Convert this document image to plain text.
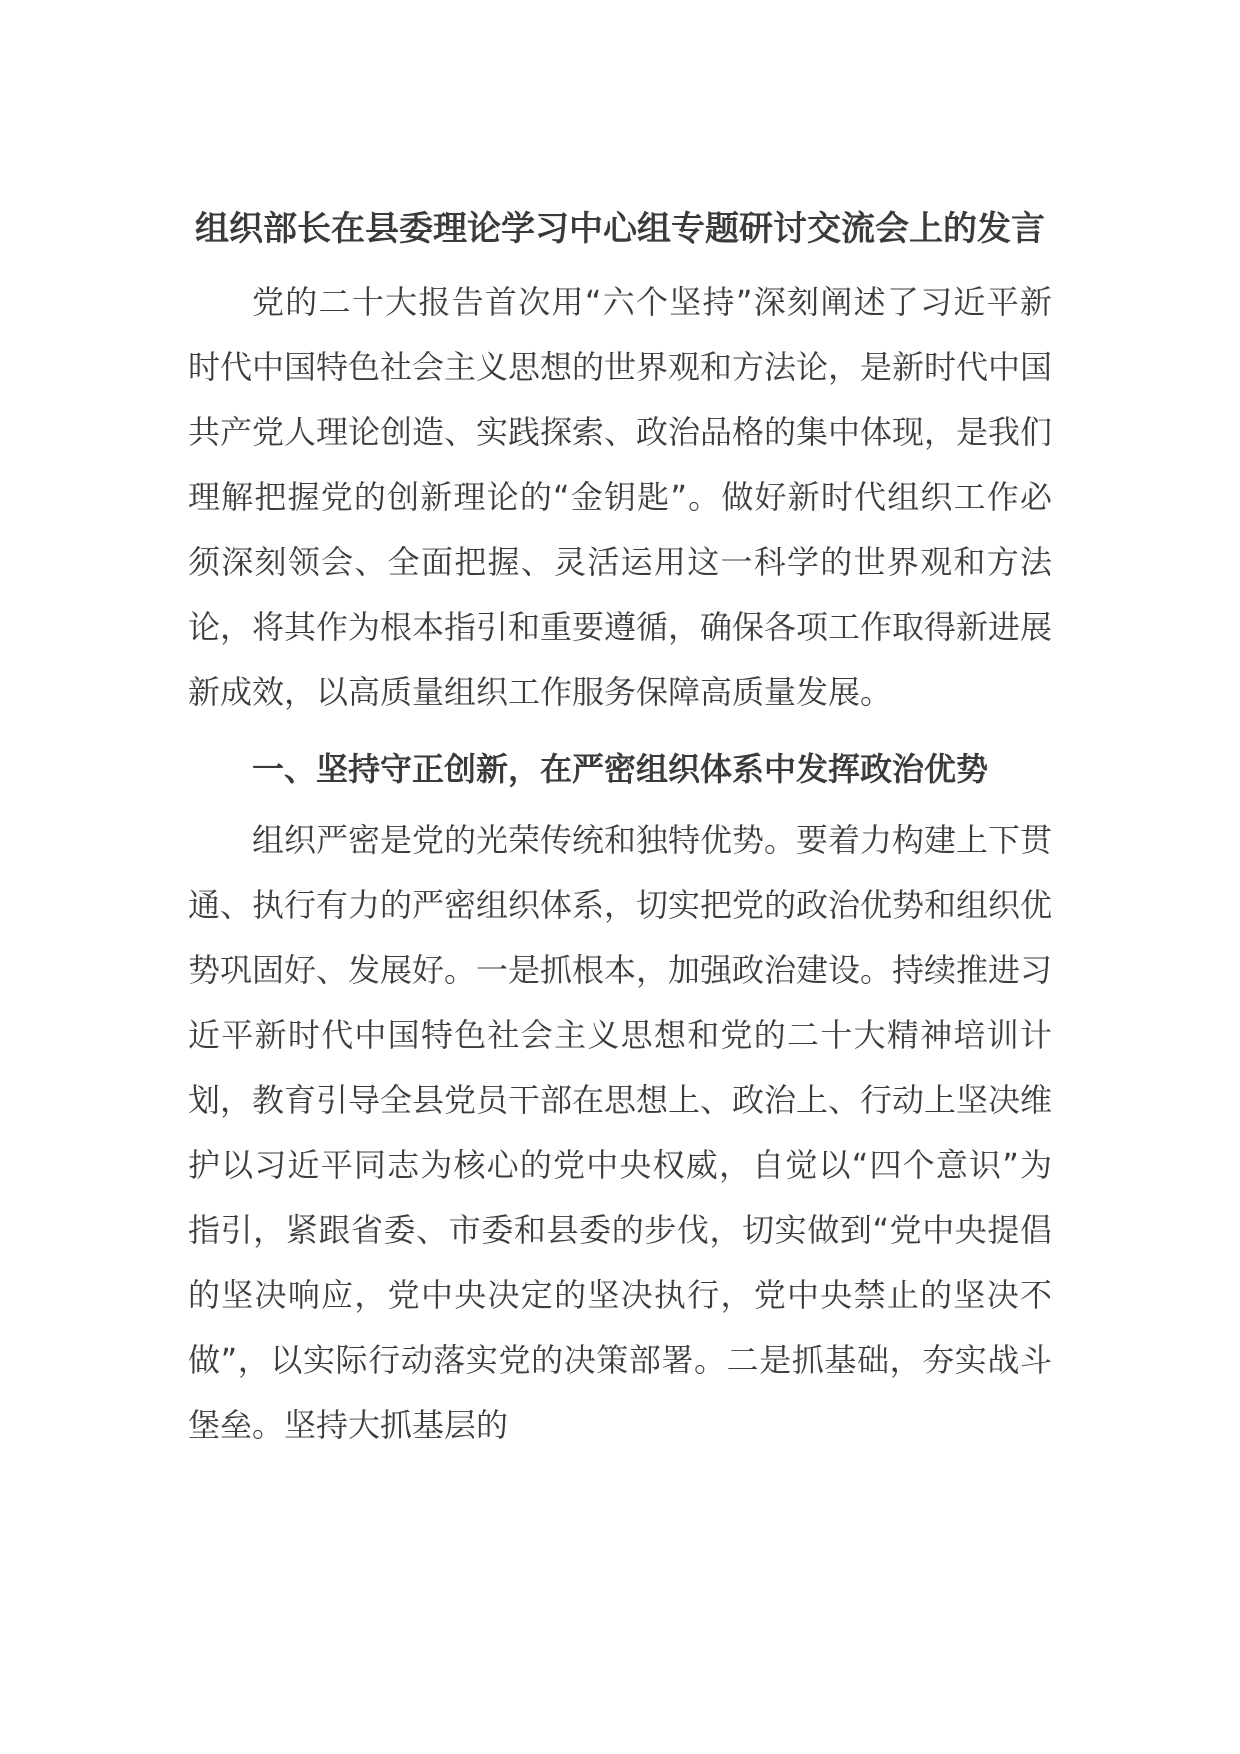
组织部长在县委理论学习中心组专题研讨交流会上的发言

党的二十大报告首次用“六个坚持”深刻阐述了习近平新时代中国特色社会主义思想的世界观和方法论，是新时代中国共产党人理论创造、实践探索、政治品格的集中体现，是我们理解把握党的创新理论的“金钥匙”。做好新时代组织工作必须深刻领会、全面把握、灵活运用这一科学的世界观和方法论，将其作为根本指引和重要遵循，确保各项工作取得新进展新成效，以高质量组织工作服务保障高质量发展。

一、坚持守正创新，在严密组织体系中发挥政治优势

组织严密是党的光荣传统和独特优势。要着力构建上下贯通、执行有力的严密组织体系，切实把党的政治优势和组织优势巩固好、发展好。一是抓根本，加强政治建设。持续推进习近平新时代中国特色社会主义思想和党的二十大精神培训计划，教育引导全县党员干部在思想上、政治上、行动上坚决维护以习近平同志为核心的党中央权威，自觉以“四个意识”为指引，紧跟省委、市委和县委的步伐，切实做到“党中央提倡的坚决响应，党中央决定的坚决执行，党中央禁止的坚决不做”，以实际行动落实党的决策部署。二是抓基础，夯实战斗堡垒。坚持大抓基层的
